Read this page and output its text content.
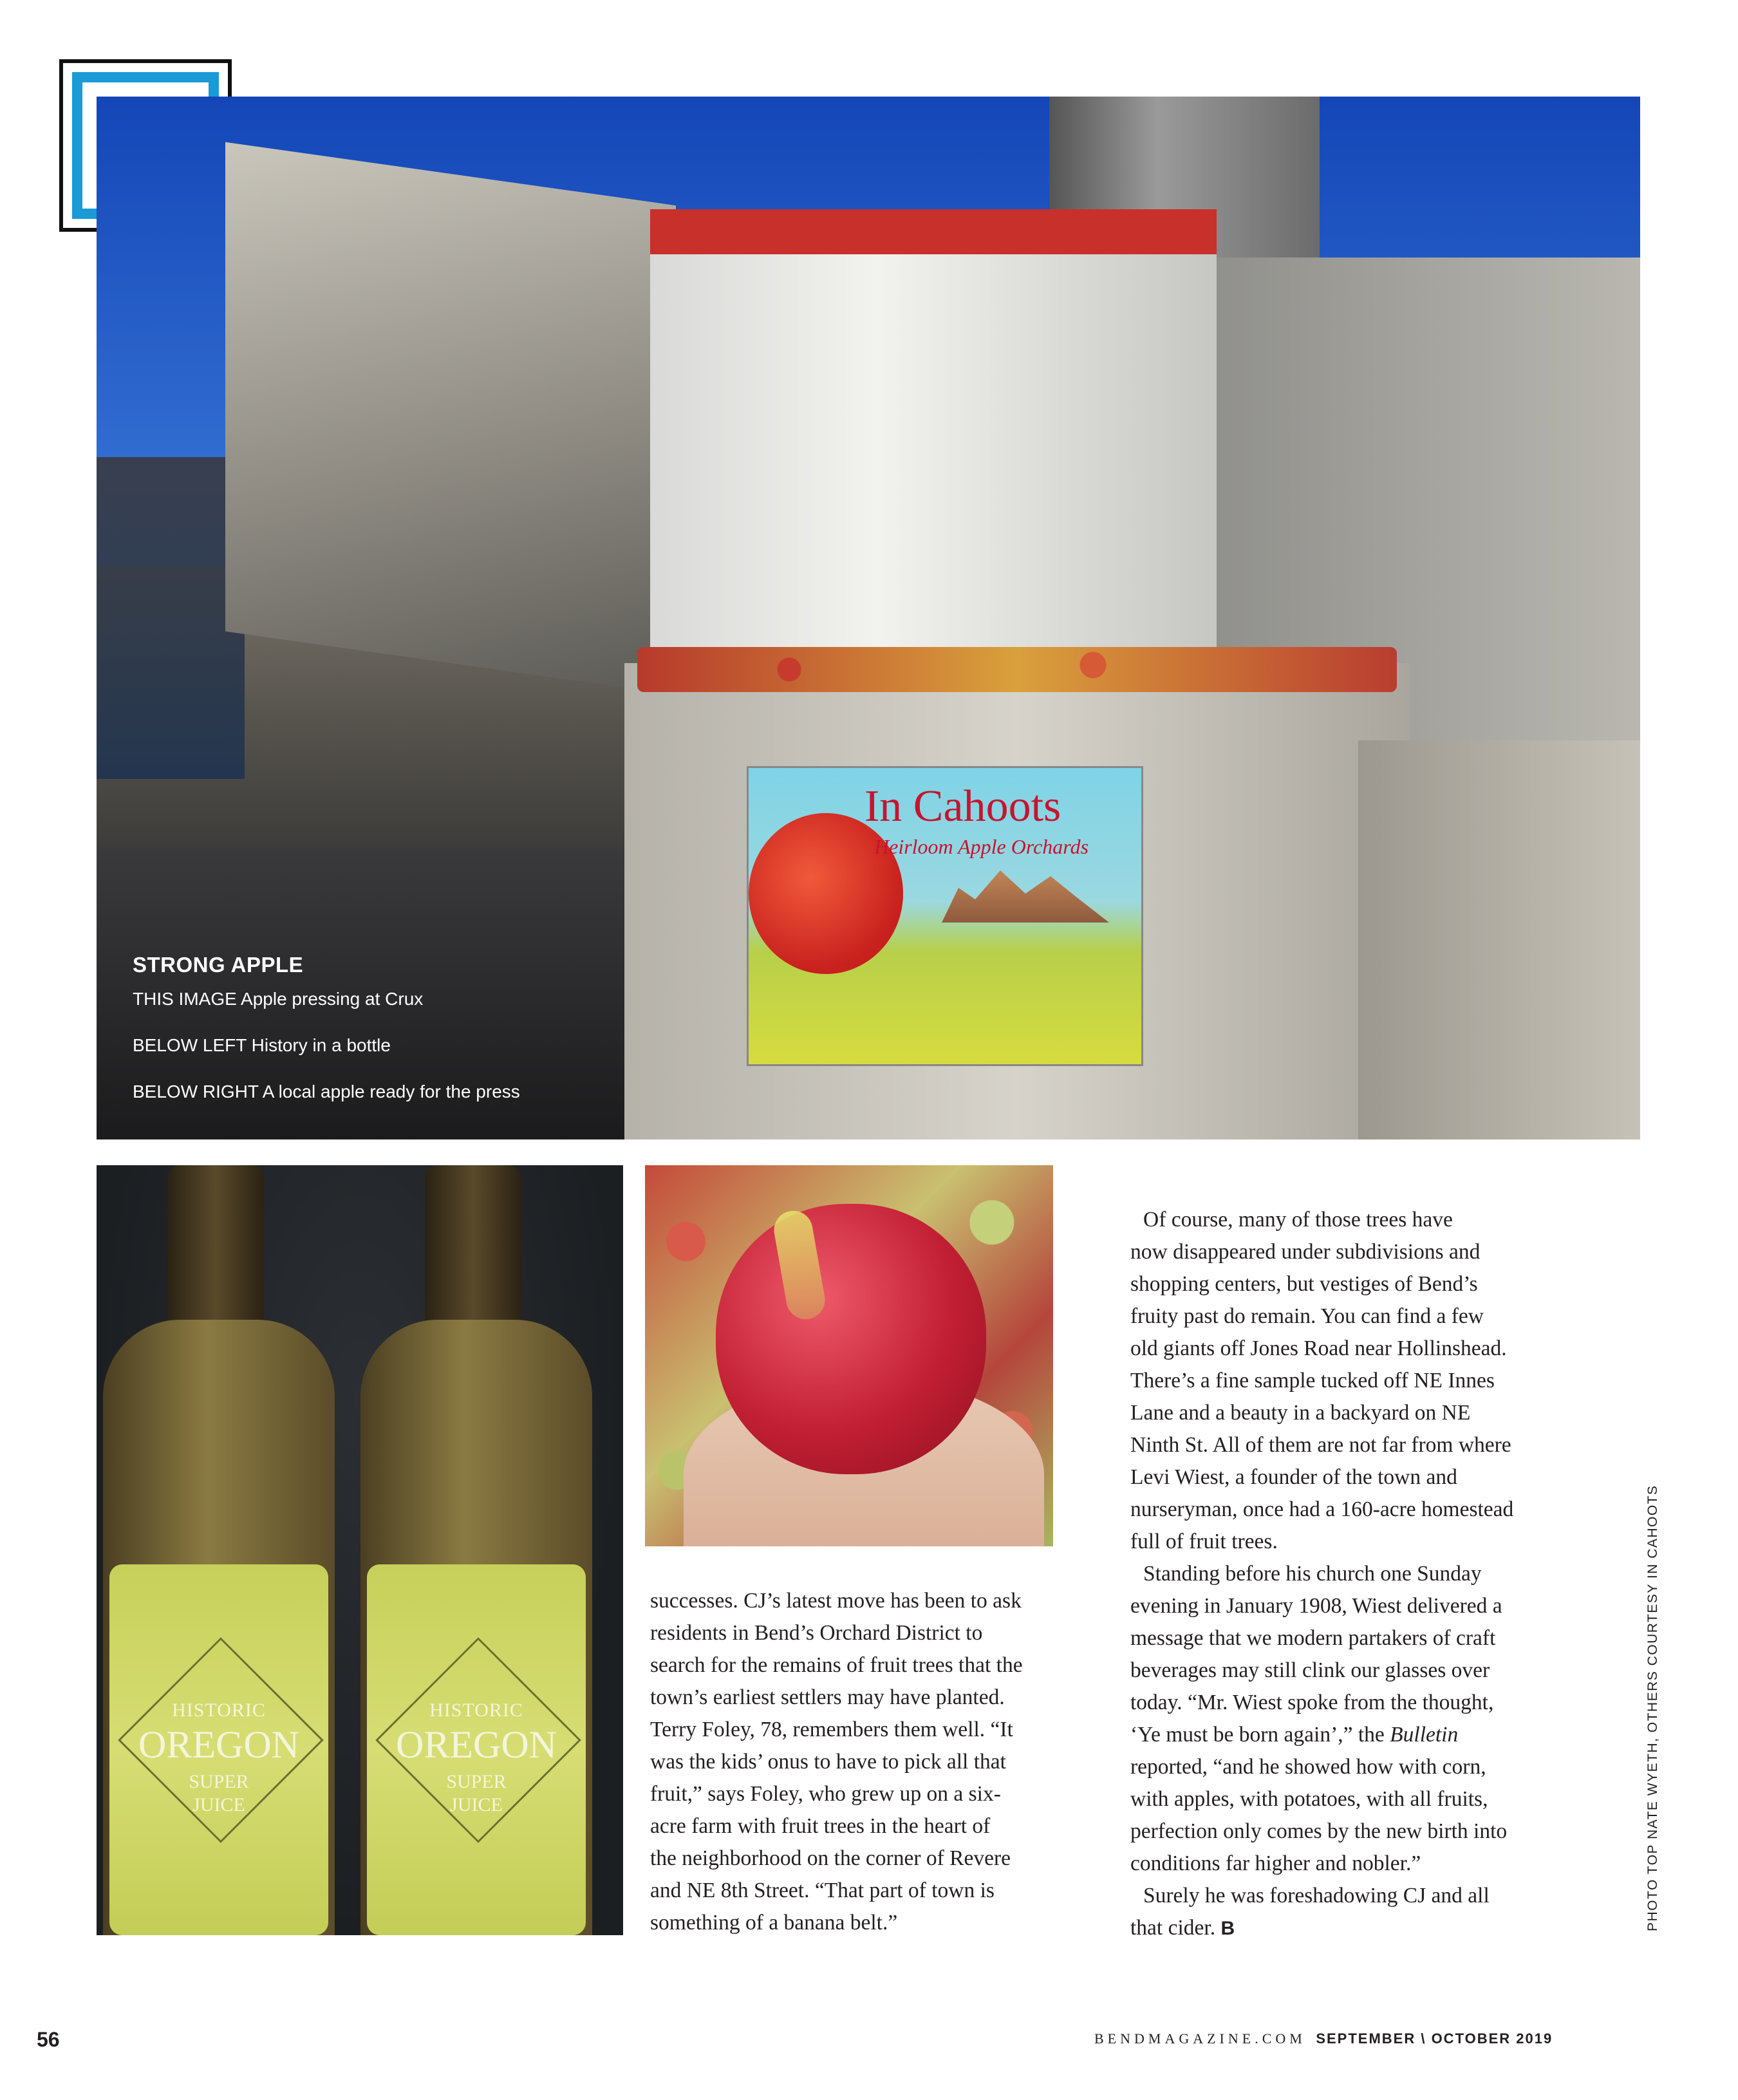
In Cahoots
Heirloom Apple Orchards
STRONG APPLE
THIS IMAGE Apple pressing at Crux
BELOW LEFT History in a bottle
BELOW RIGHT A local apple ready for the press
HISTORIC
OREGON
SUPER
JUICE
HISTORIC
OREGON
SUPER
JUICE
successes. CJ’s latest move has been to ask
residents in Bend’s Orchard District to
search for the remains of fruit trees that the
town’s earliest settlers may have planted.
Terry Foley, 78, remembers them well. “It
was the kids’ onus to have to pick all that
fruit,” says Foley, who grew up on a six-
acre farm with fruit trees in the heart of
the neighborhood on the corner of Revere
and NE 8th Street. “That part of town is
something of a banana belt.”
Of course, many of those trees have
now disappeared under subdivisions and
shopping centers, but vestiges of Bend’s
fruity past do remain. You can find a few
old giants off Jones Road near Hollinshead.
There’s a fine sample tucked off NE Innes
Lane and a beauty in a backyard on NE
Ninth St. All of them are not far from where
Levi Wiest, a founder of the town and
nurseryman, once had a 160-acre homestead
full of fruit trees.
Standing before his church one Sunday
evening in January 1908, Wiest delivered a
message that we modern partakers of craft
beverages may still clink our glasses over
today. “Mr. Wiest spoke from the thought,
‘Ye must be born again’,” the Bulletin
reported, “and he showed how with corn,
with apples, with potatoes, with all fruits,
perfection only comes by the new birth into
conditions far higher and nobler.”
Surely he was foreshadowing CJ and all
that cider. B	PHOTO TOP NATE WYETH, OTHERS COURTESY IN CAHOOTS
56	BENDMAGAZINE.COM SEPTEMBER \ OCTOBER 2019
